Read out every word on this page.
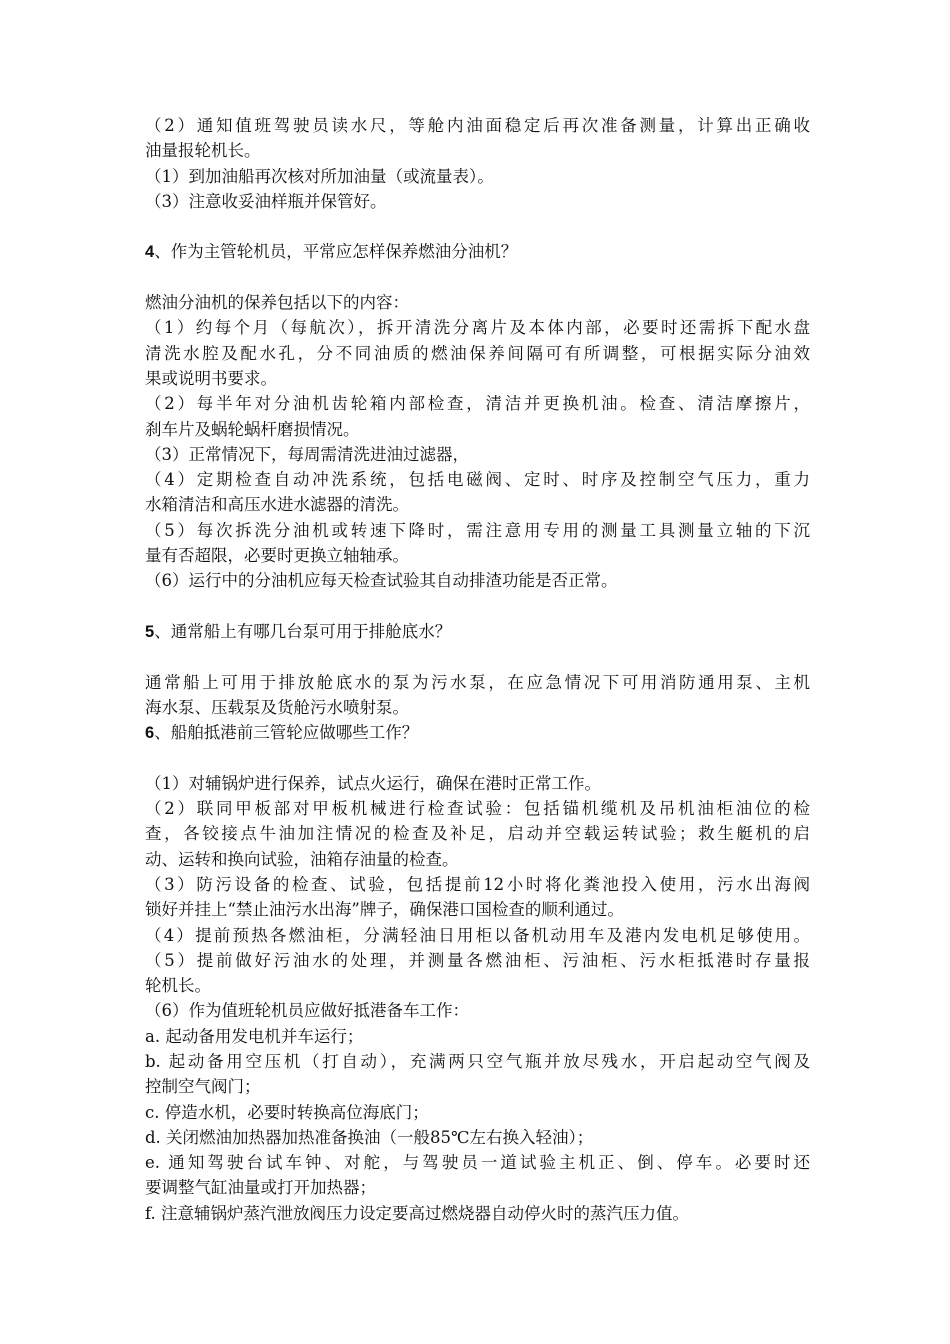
（2）通知值班驾驶员读水尺，等舱内油面稳定后再次准备测量，计算出正确收
油量报轮机长。
（1）到加油船再次核对所加油量（或流量表）。
（3）注意收妥油样瓶并保管好。
4、作为主管轮机员，平常应怎样保养燃油分油机？
燃油分油机的保养包括以下的内容：
（1）约每个月（每航次），拆开清洗分离片及本体内部，必要时还需拆下配水盘
清洗水腔及配水孔，分不同油质的燃油保养间隔可有所调整，可根据实际分油效
果或说明书要求。
（2）每半年对分油机齿轮箱内部检查，清洁并更换机油。检查、清洁摩擦片，
刹车片及蜗轮蜗杆磨损情况。
（3）正常情况下，每周需清洗进油过滤器，
（4）定期检查自动冲洗系统，包括电磁阀、定时、时序及控制空气压力，重力
水箱清洁和高压水进水滤器的清洗。
（5）每次拆洗分油机或转速下降时，需注意用专用的测量工具测量立轴的下沉
量有否超限，必要时更换立轴轴承。
（6）运行中的分油机应每天检查试验其自动排渣功能是否正常。
5、通常船上有哪几台泵可用于排舱底水？
通常船上可用于排放舱底水的泵为污水泵，在应急情况下可用消防通用泵、主机
海水泵、压载泵及货舱污水喷射泵。
6、船舶抵港前三管轮应做哪些工作？
（1）对辅锅炉进行保养，试点火运行，确保在港时正常工作。
（2）联同甲板部对甲板机械进行检查试验：包括锚机缆机及吊机油柜油位的检
查，各铰接点牛油加注情况的检查及补足，启动并空载运转试验；救生艇机的启
动、运转和换向试验，油箱存油量的检查。
（3）防污设备的检查、试验，包括提前12小时将化粪池投入使用，污水出海阀
锁好并挂上“禁止油污水出海”牌子，确保港口国检查的顺利通过。
（4）提前预热各燃油柜，分满轻油日用柜以备机动用车及港内发电机足够使用。
（5）提前做好污油水的处理，并测量各燃油柜、污油柜、污水柜抵港时存量报
轮机长。
（6）作为值班轮机员应做好抵港备车工作：
a. 起动备用发电机并车运行；
b. 起动备用空压机（打自动），充满两只空气瓶并放尽残水，开启起动空气阀及
控制空气阀门；
c. 停造水机，必要时转换高位海底门；
d. 关闭燃油加热器加热准备换油（一般85℃左右换入轻油）；
e. 通知驾驶台试车钟、对舵，与驾驶员一道试验主机正、倒、停车。必要时还
要调整气缸油量或打开加热器；
f. 注意辅锅炉蒸汽泄放阀压力设定要高过燃烧器自动停火时的蒸汽压力值。
